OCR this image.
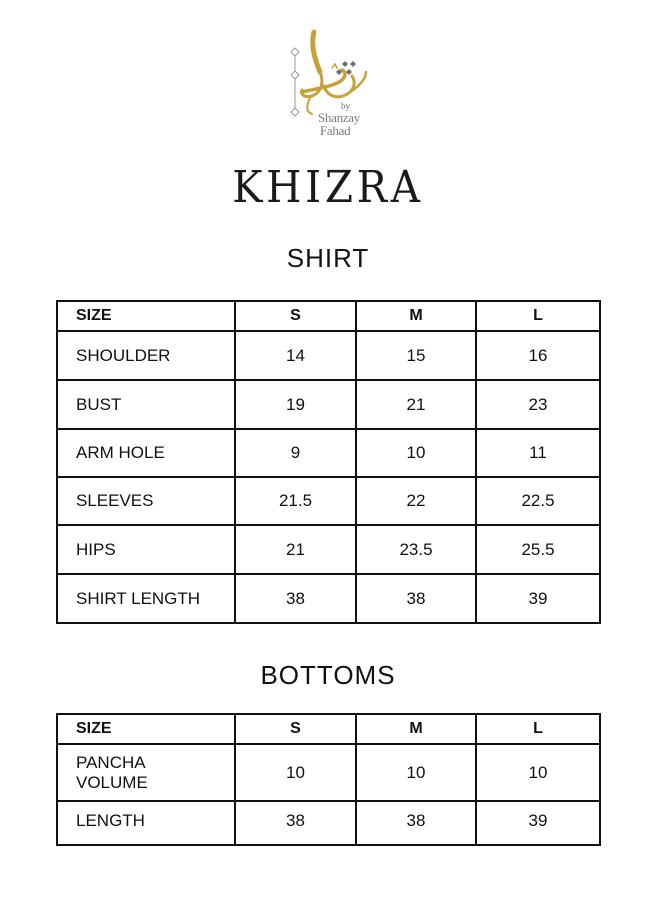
by
Shanzay
Fahad
KHIZRA
SHIRT
SIZE	S	M	L
SHOULDER	14	15	16
BUST	19	21	23
ARM HOLE	9	10	11
SLEEVES	21.5	22	22.5
HIPS	21	23.5	25.5
SHIRT LENGTH	38	38	39
BOTTOMS
SIZE	S	M	L

PANCHA
VOLUME	10	10	10
LENGTH	38	38	39
